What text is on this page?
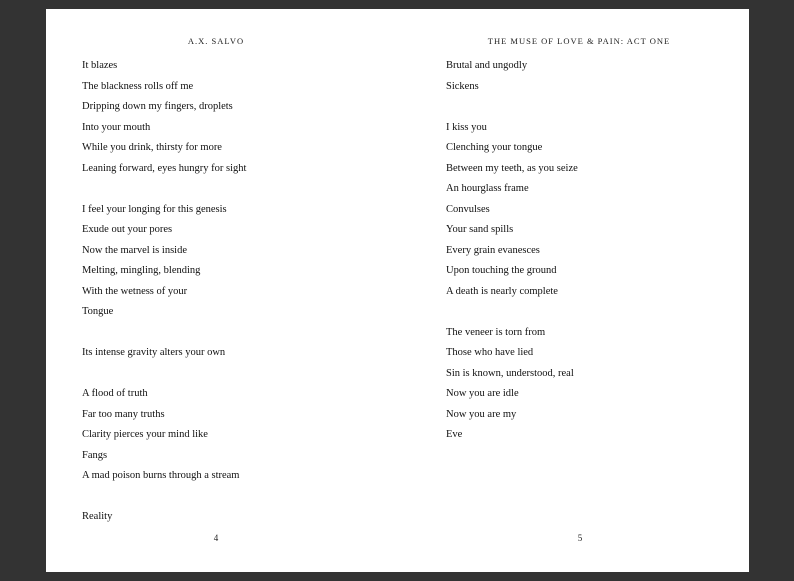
A.X. SALVO
It blazes
The blackness rolls off me
Dripping down my fingers, droplets
Into your mouth
While you drink, thirsty for more
Leaning forward, eyes hungry for sight
I feel your longing for this genesis
Exude out your pores
Now the marvel is inside
Melting, mingling, blending
With the wetness of your
Tongue
Its intense gravity alters your own
A flood of truth
Far too many truths
Clarity pierces your mind like
Fangs
A mad poison burns through a stream
Reality
4
THE MUSE OF LOVE & PAIN: ACT ONE
Brutal and ungodly
Sickens
I kiss you
Clenching your tongue
Between my teeth, as you seize
An hourglass frame
Convulses
Your sand spills
Every grain evanesces
Upon touching the ground
A death is nearly complete
The veneer is torn from
Those who have lied
Sin is known, understood, real
Now you are idle
Now you are my
Eve
5
